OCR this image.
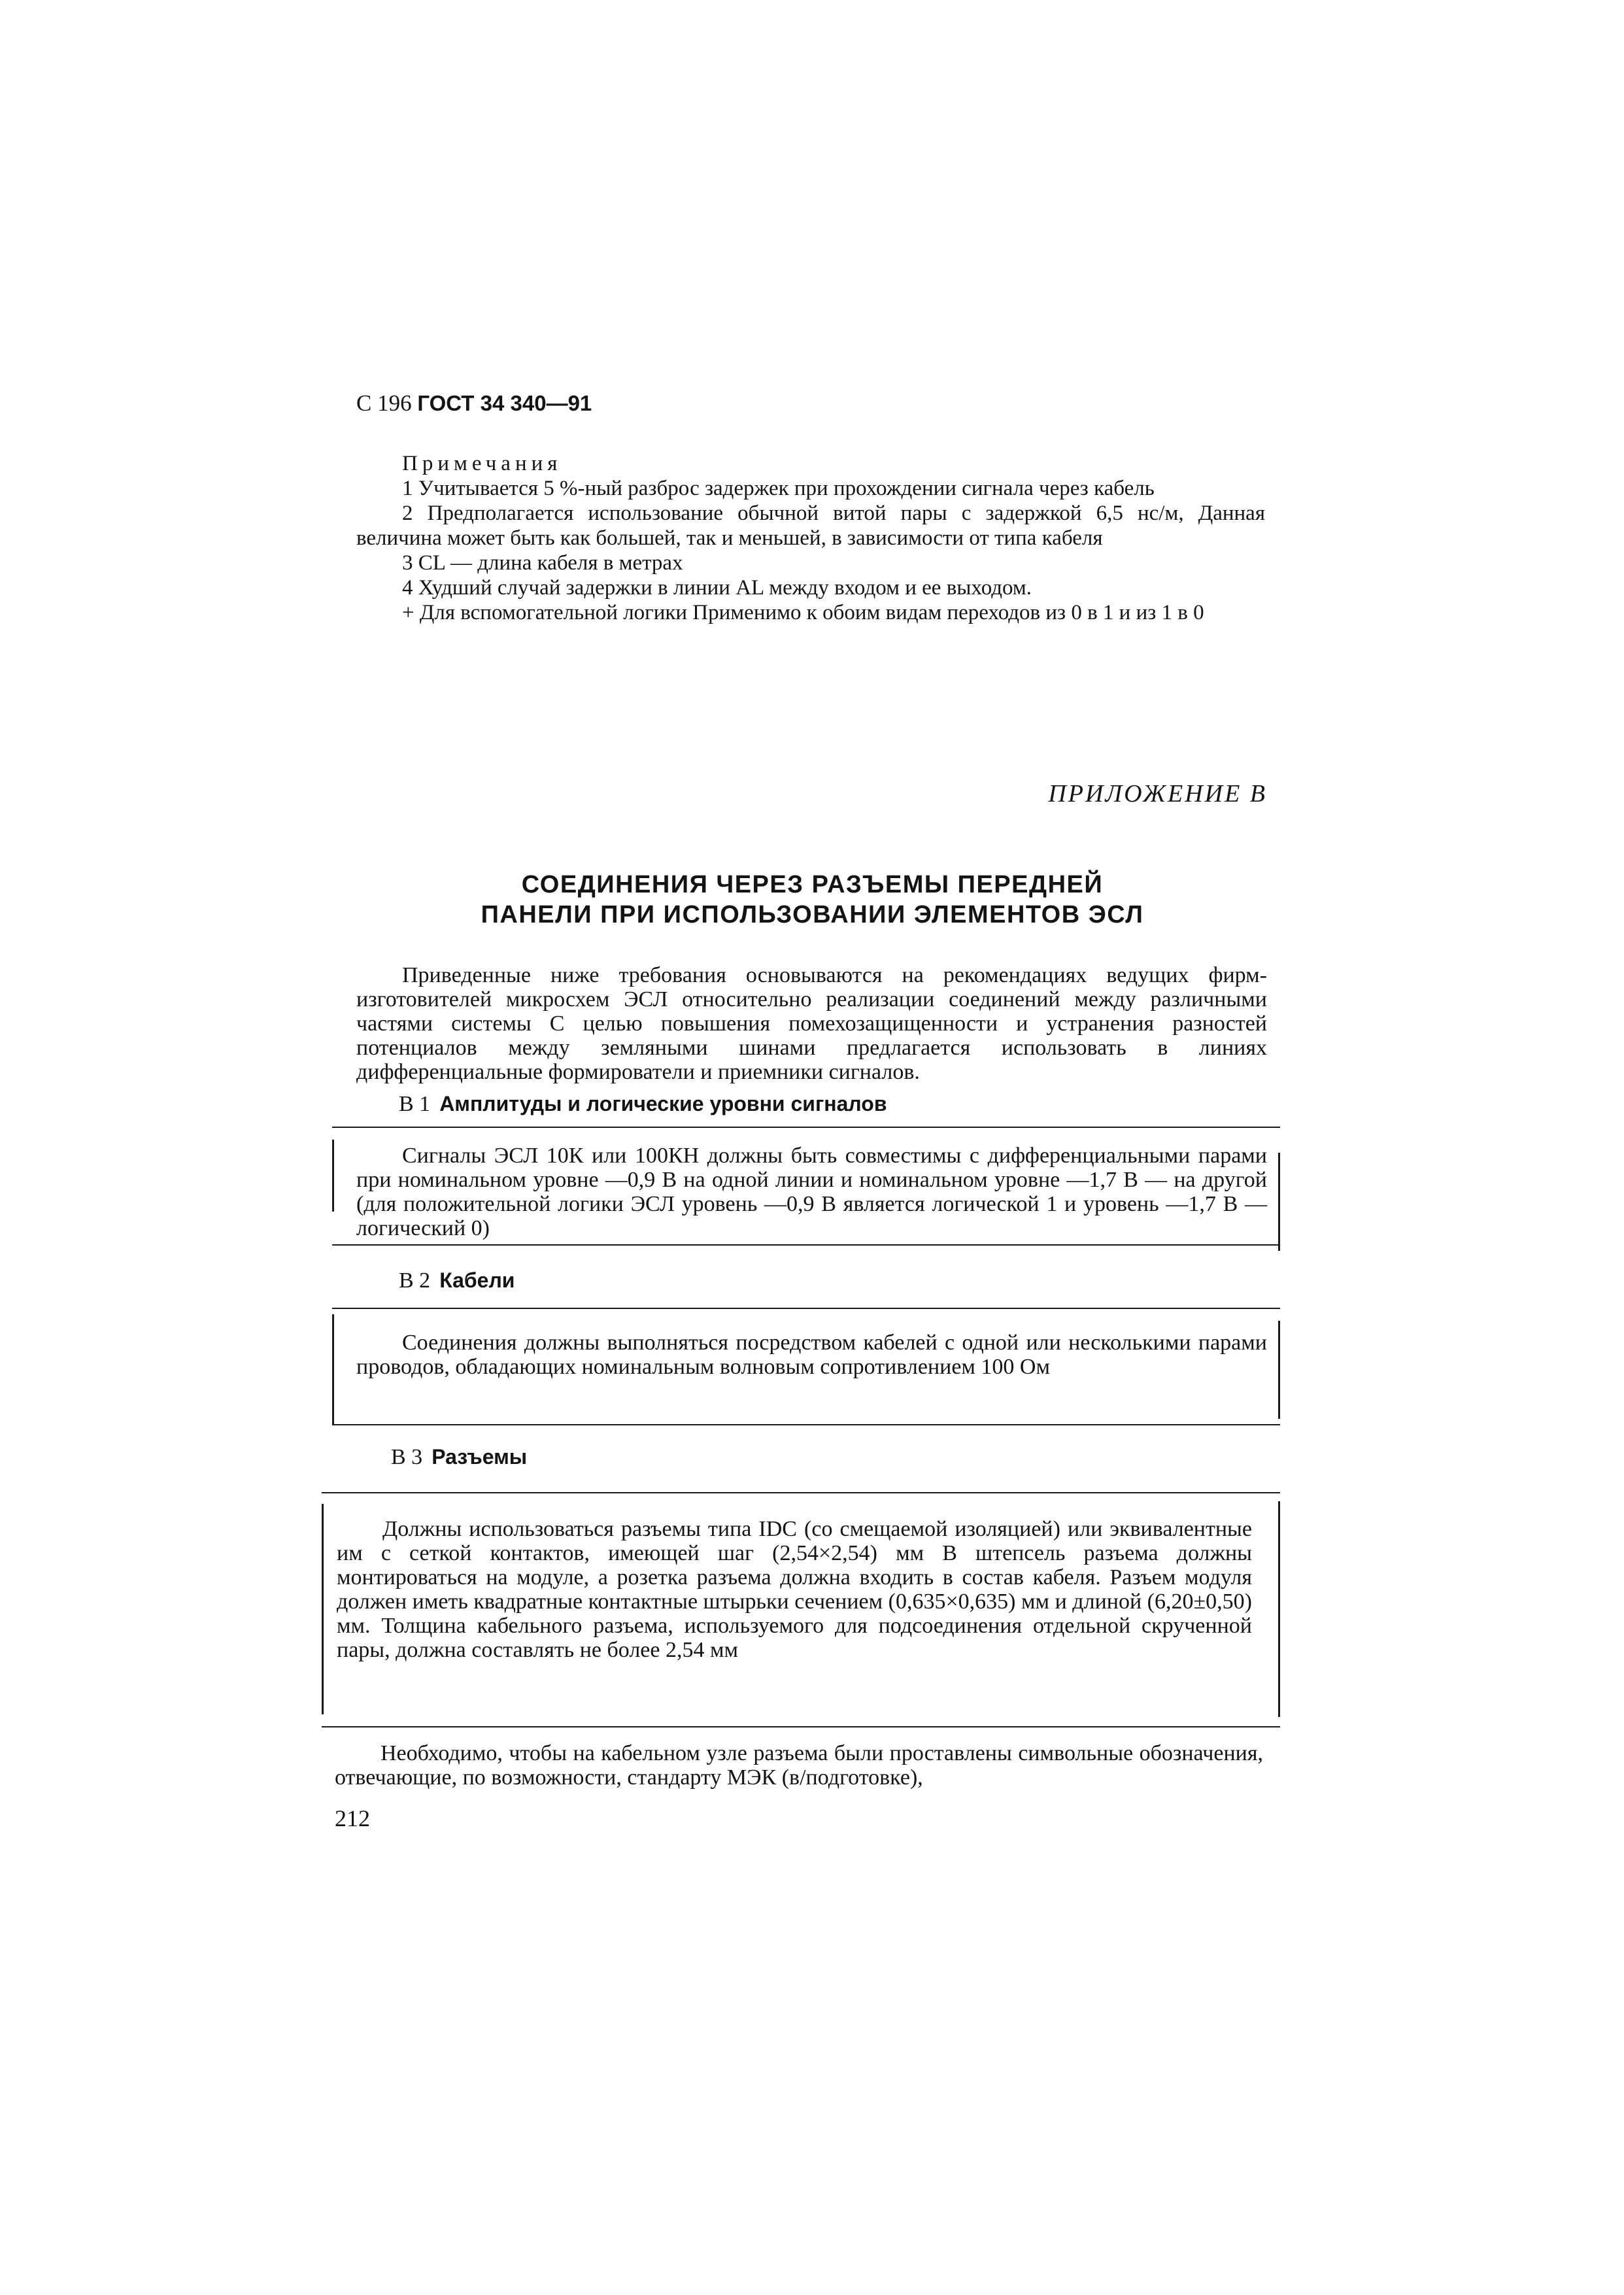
С 196 ГОСТ 34 340—91

Примечания

1 Учитывается 5 %-ный разброс задержек при прохождении сигнала через кабель

2 Предполагается использование обычной витой пары с задержкой 6,5 нс/м, Данная величина может быть как большей, так и меньшей, в зависимости от типа кабеля

3 CL — длина кабеля в метрах

4 Худший случай задержки в линии AL между входом и ее выходом.

+ Для вспомогательной логики Применимо к обоим видам переходов из 0 в 1 и из 1 в 0

ПРИЛОЖЕНИЕ В
СОЕДИНЕНИЯ ЧЕРЕЗ РАЗЪЕМЫ ПЕРЕДНЕЙ
ПАНЕЛИ ПРИ ИСПОЛЬЗОВАНИИ ЭЛЕМЕНТОВ ЭСЛ

Приведенные ниже требования основываются на рекомендациях ведущих фирм-изготовителей микросхем ЭСЛ относительно реализации соединений между различными частями системы С целью повышения помехозащищенности и устранения разностей потенциалов между земляными шинами предлагается использовать в линиях дифференциальные формирователи и приемники сигналов.

В 1 Амплитуды и логические уровни сигналов
Сигналы ЭСЛ 10К или 100КН должны быть совместимы с дифференциальными парами при номинальном уровне —0,9 В на одной линии и номинальном уровне —1,7 В — на другой (для положительной логики ЭСЛ уровень —0,9 В является логической 1 и уровень —1,7 В — логический 0)
В 2 Кабели
Соединения должны выполняться посредством кабелей с одной или несколькими парами проводов, обладающих номинальным волновым сопротивлением 100 Ом
В 3 Разъемы
Должны использоваться разъемы типа IDC (со смещаемой изоляцией) или эквивалентные им с сеткой контактов, имеющей шаг (2,54×2,54) мм В штепсель разъема должны монтироваться на модуле, а розетка разъема должна входить в состав кабеля. Разъем модуля должен иметь квадратные контактные штырьки сечением (0,635×0,635) мм и длиной (6,20±0,50) мм. Толщина кабельного разъема, используемого для подсоединения отдельной скрученной пары, должна составлять не более 2,54 мм

Необходимо, чтобы на кабельном узле разъема были проставлены символьные обозначения, отвечающие, по возможности, стандарту МЭК (в/подготовке),

212
